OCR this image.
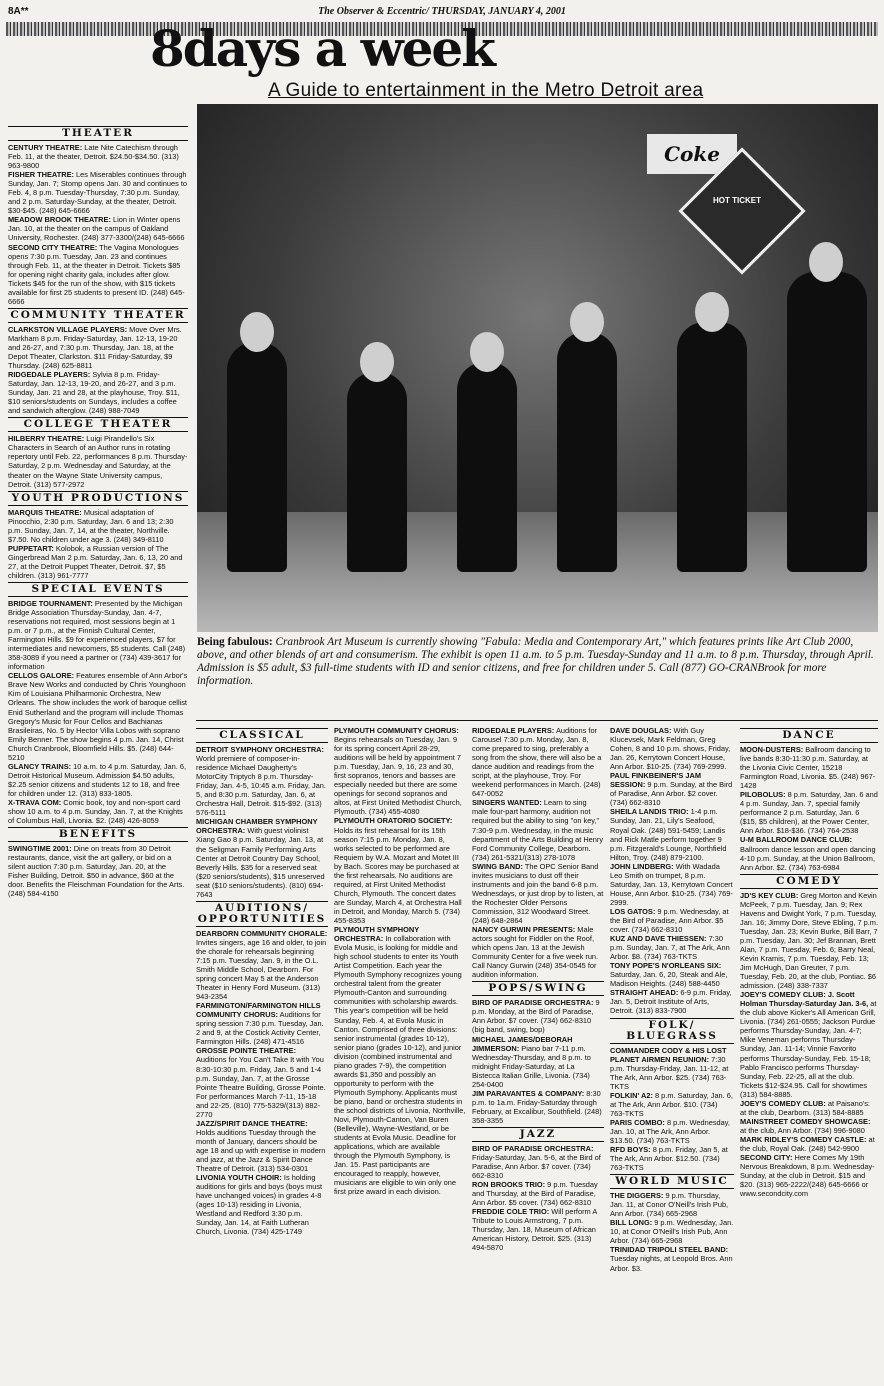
8A**	The Observer & Eccentric/ THURSDAY, JANUARY 4, 2001
8days a week
A Guide to entertainment in the Metro Detroit area
Coke
HOT TICKET
Being fabulous: Cranbrook Art Museum is currently showing "Fabula: Media and Contemporary Art," which features prints like Art Club 2000, above, and other blends of art and consumerism. The exhibit is open 11 a.m. to 5 p.m. Tuesday-Sunday and 11 a.m. to 8 p.m. Thursday, through April. Admission is $5 adult, $3 full-time students with ID and senior citizens, and free for children under 5. Call (877) GO-CRANBrook for more information.
THEATER

CENTURY THEATRE: Late Nite Catechism through Feb. 11, at the theater, Detroit. $24.50-$34.50. (313) 963-9800

FISHER THEATRE: Les Miserables continues through Sunday, Jan. 7; Stomp opens Jan. 30 and continues to Feb. 4, 8 p.m. Tuesday-Thursday, 7:30 p.m. Sunday, and 2 p.m. Saturday-Sunday, at the theater, Detroit. $30-$45. (248) 645-6666

MEADOW BROOK THEATRE: Lion in Winter opens Jan. 10, at the theater on the campus of Oakland University, Rochester. (248) 377-3300/(248) 645-6666

SECOND CITY THEATRE: The Vagina Monologues opens 7:30 p.m. Tuesday, Jan. 23 and continues through Feb. 11, at the theater in Detroit. Tickets $85 for opening night charity gala, includes after glow. Tickets $45 for the run of the show, with $15 tickets available for first 25 students to present ID. (248) 645-6666

COMMUNITY THEATER

CLARKSTON VILLAGE PLAYERS: Move Over Mrs. Markham 8 p.m. Friday-Saturday, Jan. 12-13, 19-20 and 26-27, and 7:30 p.m. Thursday, Jan. 18, at the Depot Theater, Clarkston. $11 Friday-Saturday, $9 Thursday. (248) 625-8811

RIDGEDALE PLAYERS: Sylvia 8 p.m. Friday-Saturday, Jan. 12-13, 19-20, and 26-27, and 3 p.m. Sunday, Jan. 21 and 28, at the playhouse, Troy. $11, $10 seniors/students on Sundays, includes a coffee and sandwich afterglow. (248) 988-7049

COLLEGE THEATER

HILBERRY THEATRE: Luigi Pirandello's Six Characters in Search of an Author runs in rotating repertory until Feb. 22, performances 8 p.m. Thursday-Saturday, 2 p.m. Wednesday and Saturday, at the theater on the Wayne State University campus, Detroit. (313) 577-2972

YOUTH PRODUCTIONS

MARQUIS THEATRE: Musical adaptation of Pinocchio, 2:30 p.m. Saturday, Jan. 6 and 13; 2:30 p.m. Sunday, Jan. 7, 14, at the theater, Northville. $7.50. No children under age 3. (248) 349-8110

PUPPETART: Kolobok, a Russian version of The Gingerbread Man 2 p.m. Saturday, Jan. 6, 13, 20 and 27, at the Detroit Puppet Theater, Detroit. $7, $5 children. (313) 961-7777

SPECIAL EVENTS

BRIDGE TOURNAMENT: Presented by the Michigan Bridge Association Thursday-Sunday, Jan. 4-7, reservations not required, most sessions begin at 1 p.m. or 7 p.m., at the Finnish Cultural Center, Farmington Hills. $9 for experienced players, $7 for intermediates and newcomers, $5 students. Call (248) 358-3089 if you need a partner or (734) 439-3617 for information

CELLOS GALORE: Features ensemble of Ann Arbor's Brave New Works and conducted by Chris Younghoon Kim of Louisiana Philharmonic Orchestra, New Orleans. The show includes the work of baroque cellist Enid Sutherland and the program will include Thomas Gregory's Music for Four Cellos and Bachianas Brasileiras, No. 5 by Hector Villa Lobos with soprano Emily Benner. The show begins 4 p.m. Jan. 14, Christ Church Cranbrook, Bloomfield Hills. $5. (248) 644-5210

GLANCY TRAINS: 10 a.m. to 4 p.m. Saturday, Jan. 6, Detroit Historical Museum. Admission $4.50 adults, $2.25 senior citizens and students 12 to 18, and free for children under 12. (313) 833-1805.

X-TRAVA COM: Comic book, toy and non-sport card show 10 a.m. to 4 p.m. Sunday, Jan. 7, at the Knights of Columbus Hall, Livonia. $2. (248) 426-8059

BENEFITS

SWINGTIME 2001: Dine on treats from 30 Detroit restaurants, dance, visit the art gallery, or bid on a silent auction 7:30 p.m. Saturday, Jan. 20, at the Fisher Building, Detroit. $50 in advance, $60 at the door. Benefits the Fleischman Foundation for the Arts. (248) 584-4150

CLASSICAL

DETROIT SYMPHONY ORCHESTRA: World premiere of composer-in-residence Michael Daugherty's MotorCity Triptych 8 p.m. Thursday-Friday, Jan. 4-5, 10:45 a.m. Friday, Jan. 5, and 8:30 p.m. Saturday, Jan. 6, at Orchestra Hall, Detroit. $15-$92. (313) 576-5111

MICHIGAN CHAMBER SYMPHONY ORCHESTRA: With guest violinist Xiang Gao 8 p.m. Saturday, Jan. 13, at the Seligman Family Performing Arts Center at Detroit Country Day School, Beverly Hills. $35 for a reserved seat ($20 seniors/students), $15 unreserved seat ($10 seniors/students). (810) 694-7643

AUDITIONS/ OPPORTUNITIES

DEARBORN COMMUNITY CHORALE: Invites singers, age 16 and older, to join the chorale for rehearsals beginning 7:15 p.m. Tuesday, Jan. 9, in the O.L. Smith Middle School, Dearborn. For spring concert May 5 at the Anderson Theater in Henry Ford Museum. (313) 943-2354

FARMINGTON/FARMINGTON HILLS COMMUNITY CHORUS: Auditions for spring session 7:30 p.m. Tuesday, Jan. 2 and 9, at the Costick Activity Center, Farmington Hills. (248) 471-4516

GROSSE POINTE THEATRE: Auditions for You Can't Take It with You 8:30-10:30 p.m. Friday, Jan. 5 and 1-4 p.m. Sunday, Jan. 7, at the Grosse Pointe Theatre Building, Grosse Pointe. For performances March 7-11, 15-18 and 22-25. (810) 775-5329/(313) 882-2770

JAZZ/SPIRIT DANCE THEATRE: Holds auditions Tuesday through the month of January, dancers should be age 18 and up with expertise in modern and jazz, at the Jazz & Spirit Dance Theatre of Detroit. (313) 534-0301

LIVONIA YOUTH CHOIR: Is holding auditions for girls and boys (boys must have unchanged voices) in grades 4-8 (ages 10-13) residing in Livonia, Westland and Redford 3:30 p.m. Sunday, Jan. 14, at Faith Lutheran Church, Livonia. (734) 425-1749

PLYMOUTH COMMUNITY CHORUS: Begins rehearsals on Tuesday, Jan. 9 for its spring concert April 28-29, auditions will be held by appointment 7 p.m. Tuesday, Jan. 9, 16, 23 and 30, first sopranos, tenors and basses are especially needed but there are some openings for second sopranos and altos, at First United Methodist Church, Plymouth. (734) 455-4080

PLYMOUTH ORATORIO SOCIETY: Holds its first rehearsal for its 15th season 7:15 p.m. Monday, Jan. 8, works selected to be performed are Requiem by W.A. Mozart and Motet III by Bach. Scores may be purchased at the first rehearsals. No auditions are required, at First United Methodist Church, Plymouth. The concert dates are Sunday, March 4, at Orchestra Hall in Detroit, and Monday, March 5. (734) 455-8353

PLYMOUTH SYMPHONY ORCHESTRA: In collaboration with Evola Music, is looking for middle and high school students to enter its Youth Artist Competition. Each year the Plymouth Symphony recognizes young orchestral talent from the greater Plymouth-Canton and surrounding communities with scholarship awards. This year's competition will be held Sunday, Feb. 4, at Evola Music in Canton. Comprised of three divisions: senior instrumental (grades 10-12), senior piano (grades 10-12), and junior division (combined instrumental and piano grades 7-9), the competition awards $1,350 and possibly an opportunity to perform with the Plymouth Symphony. Applicants must be piano, band or orchestra students in the school districts of Livonia, Northville, Novi, Plymouth-Canton, Van Buren (Belleville), Wayne-Westland, or be students at Evola Music. Deadline for applications, which are available through the Plymouth Symphony, is Jan. 15. Past participants are encouraged to reapply, however, musicians are eligible to win only one first prize award in each division.

RIDGEDALE PLAYERS: Auditions for Carousel 7:30 p.m. Monday, Jan. 8, come prepared to sing, preferably a song from the show, there will also be a dance audition and readings from the script, at the playhouse, Troy. For weekend performances in March. (248) 647-0052

SINGERS WANTED: Learn to sing male four-part harmony, audition not required but the ability to sing "on key," 7:30-9 p.m. Wednesday, in the music department of the Arts Building at Henry Ford Community College, Dearborn. (734) 261-5321/(313) 278-1078

SWING BAND: The OPC Senior Band invites musicians to dust off their instruments and join the band 6-8 p.m. Wednesdays, or just drop by to listen, at the Rochester Older Persons Commission, 312 Woodward Street. (248) 648-2864

NANCY GURWIN PRESENTS: Male actors sought for Fiddler on the Roof, which opens Jan. 13 at the Jewish Community Center for a five week run. Call Nancy Gurwin (248) 354-0545 for audition information.

POPS/SWING

BIRD OF PARADISE ORCHESTRA: 9 p.m. Monday, at the Bird of Paradise, Ann Arbor. $7 cover. (734) 662-8310 (big band, swing, bop)

MICHAEL JAMES/DEBORAH JIMMERSON: Piano bar 7-11 p.m. Wednesday-Thursday, and 8 p.m. to midnight Friday-Saturday, at La Bistecca Italian Grille, Livonia. (734) 254-0400

JIM PARAVANTES & COMPANY: 8:30 p.m. to 1a.m. Friday-Saturday through February, at Excalibur, Southfield. (248) 358-3355

JAZZ

BIRD OF PARADISE ORCHESTRA: Friday-Saturday, Jan. 5-6, at the Bird of Paradise, Ann Arbor. $7 cover. (734) 662-8310

RON BROOKS TRIO: 9 p.m. Tuesday and Thursday, at the Bird of Paradise, Ann Arbor. $5 cover. (734) 662-8310

FREDDIE COLE TRIO: Will perform A Tribute to Louis Armstrong, 7 p.m. Thursday, Jan. 18, Museum of African American History, Detroit. $25. (313) 494-5870

DAVE DOUGLAS: With Guy Klucevsek, Mark Feldman, Greg Cohen, 8 and 10 p.m. shows, Friday, Jan. 26, Kerrytown Concert House, Ann Arbor. $10-25. (734) 769-2999.

PAUL FINKBEINER'S JAM SESSION: 9 p.m. Sunday, at the Bird of Paradise, Ann Arbor. $2 cover. (734) 662-8310

SHEILA LANDIS TRIO: 1-4 p.m. Sunday, Jan. 21, Lily's Seafood, Royal Oak. (248) 591-5459; Landis and Rick Matle perform together 9 p.m. Fitzgerald's Lounge, Northfield Hilton, Troy. (248) 879-2100.

JOHN LINDBERG: With Wadada Leo Smith on trumpet, 8 p.m. Saturday, Jan. 13, Kerrytown Concert House, Ann Arbor. $10-25. (734) 769-2999.

LOS GATOS: 9 p.m. Wednesday, at the Bird of Paradise, Ann Arbor. $5 cover. (734) 662-8310

KUZ AND DAVE THIESSEN: 7:30 p.m. Sunday, Jan. 7, at The Ark, Ann Arbor. $8. (734) 763-TKTS

TONY POPE'S N'ORLEANS SIX: Saturday, Jan. 6, 20, Steak and Ale, Madison Heights. (248) 588-4450

STRAIGHT AHEAD: 6-9 p.m. Friday, Jan. 5, Detroit Institute of Arts, Detroit. (313) 833-7900

FOLK/ BLUEGRASS

COMMANDER CODY & HIS LOST PLANET AIRMEN REUNION: 7:30 p.m. Thursday-Friday, Jan. 11-12, at The Ark, Ann Arbor. $25. (734) 763-TKTS

FOLKIN' A2: 8 p.m. Saturday, Jan. 6, at The Ark, Ann Arbor. $10. (734) 763-TKTS

PARIS COMBO: 8 p.m. Wednesday, Jan. 10, at The Ark, Ann Arbor. $13.50. (734) 763-TKTS

RFD BOYS: 8 p.m. Friday, Jan 5, at The Ark, Ann Arbor. $12.50. (734) 763-TKTS

WORLD MUSIC

THE DIGGERS: 9 p.m. Thursday, Jan. 11, at Conor O'Neill's Irish Pub, Ann Arbor. (734) 665-2968

BILL LONG: 9 p.m. Wednesday, Jan. 10, at Conor O'Neill's Irish Pub, Ann Arbor. (734) 665-2968

TRINIDAD TRIPOLI STEEL BAND: Tuesday nights, at Leopold Bros. Ann Arbor. $3.

DANCE

MOON-DUSTERS: Ballroom dancing to live bands 8:30-11:30 p.m. Saturday, at the Livonia Civic Center, 15218 Farmington Road, Livonia. $5. (248) 967-1428

PILOBOLUS: 8 p.m. Saturday, Jan. 6 and 4 p.m. Sunday, Jan. 7, special family performance 2 p.m. Saturday, Jan. 6 ($15, $5 children), at the Power Center, Ann Arbor. $18-$36. (734) 764-2538

U-M BALLROOM DANCE CLUB: Ballroom dance lesson and open dancing 4-10 p.m. Sunday, at the Union Ballroom, Ann Arbor. $2. (734) 763-6984

COMEDY

JD'S KEY CLUB: Greg Morton and Kevin McPeek, 7 p.m. Tuesday, Jan. 9; Rex Havens and Dwight York, 7 p.m. Tuesday, Jan. 16; Jimmy Dore, Steve Ebling, 7 p.m. Tuesday, Jan. 23; Kevin Burke, Bill Barr, 7 p.m. Tuesday, Jan. 30; Jef Brannan, Brett Alan, 7 p.m. Tuesday, Feb. 6; Barry Neal, Kevin Kramis, 7 p.m. Tuesday, Feb. 13; Jim McHugh, Dan Greuter, 7 p.m. Tuesday, Feb. 20, at the club, Pontiac. $6 admission. (248) 338-7337

JOEY'S COMEDY CLUB: J. Scott Holman Thursday-Saturday Jan. 3-6, at the club above Kicker's All American Grill, Livonia. (734) 261-0555; Jackson Purdue performs Thursday-Sunday, Jan. 4-7; Mike Veneman performs Thursday-Sunday, Jan. 11-14; Vinnie Favorito performs Thursday-Sunday, Feb. 15-18; Pablo Francisco performs Thursday-Sunday, Feb. 22-25, all at the club. Tickets $12-$24.95. Call for showtimes (313) 584-8885.

JOEY'S COMEDY CLUB: at Paisano's: at the club, Dearborn. (313) 584-8885

MAINSTREET COMEDY SHOWCASE: at the club, Ann Arbor. (734) 996-9080

MARK RIDLEY'S COMEDY CASTLE: at the club, Royal Oak. (248) 542-9900

SECOND CITY: Here Comes My 19th Nervous Breakdown, 8 p.m. Wednesday-Sunday, at the club in Detroit. $15 and $20. (313) 965-2222/(248) 645-6666 or www.secondcity.com
